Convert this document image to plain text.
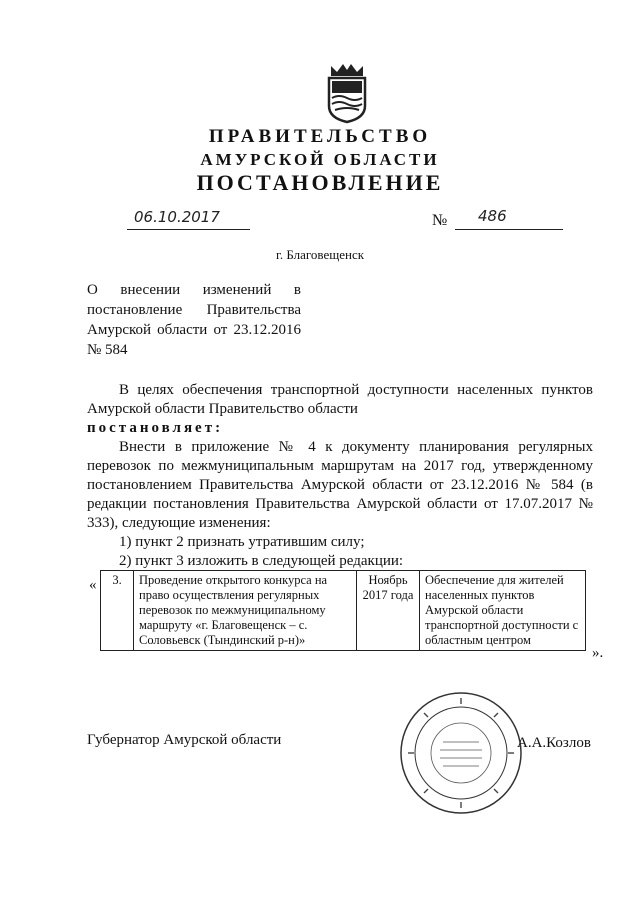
ПРАВИТЕЛЬСТВО
АМУРСКОЙ ОБЛАСТИ
ПОСТАНОВЛЕНИЕ
06.10.2017	№ 486
г. Благовещенск
О внесении изменений в постановление Правительства Амурской области от 23.12.2016 № 584

В целях обеспечения транспортной доступности населенных пунктов Амурской области Правительство области

постановляет:

Внести в приложение № 4 к документу планирования регулярных перевозок по межмуниципальным маршрутам на 2017 год, утвержденному постановлением Правительства Амурской области от 23.12.2016 № 584 (в редакции постановления Правительства Амурской области от 17.07.2017 № 333), следующие изменения:

1) пункт 2 признать утратившим силу;

2) пункт 3 изложить в следующей редакции:

« 3.	Проведение открытого конкурса на право осуществления регулярных перевозок по межмуниципальному маршруту «г. Благовещенск – с. Соловьевск (Тындинский р-н)»	Ноябрь 2017 года	Обеспечение для жителей населенных пунктов Амурской области транспортной доступности с областным центром
».
Губернатор Амурской области	А.А.Козлов
